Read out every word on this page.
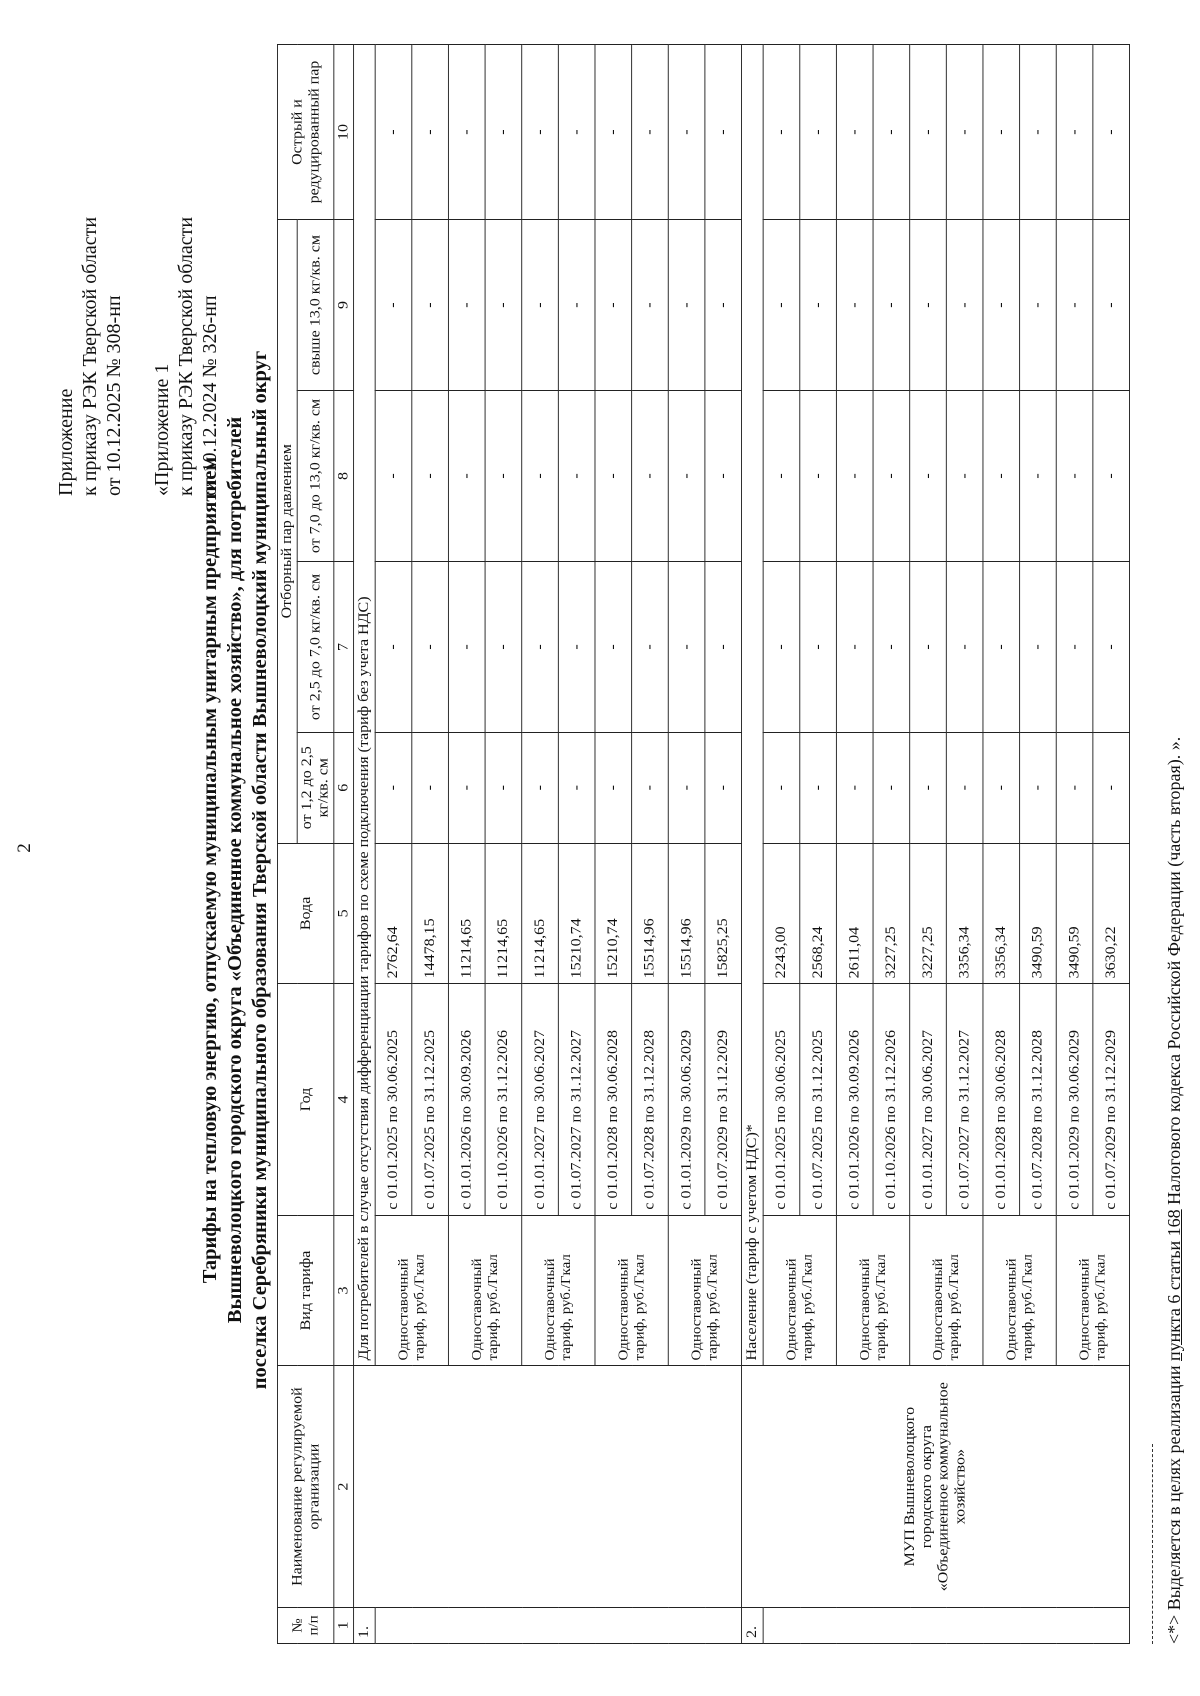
2
Приложение к приказу РЭК Тверской области от 10.12.2025 № 308-нп «Приложение 1 к приказу РЭК Тверской области от 10.12.2024 № 326-нп
Тарифы на тепловую энергию, отпускаемую муниципальным унитарным предприятием Вышневолоцкого городского округа «Объединенное коммунальное хозяйство», для потребителей поселка Серебряники муниципального образования Тверской области Вышневолоцкий муниципальный округ
№ п/п	Наименование регулируемой организации	Вид тарифа	Год	Вода	Отборный пар давлением				Острый и редуцированный пар
					от 1,2 до 2,5 кг/кв. см	от 2,5 до 7,0 кг/кв. см	от 7,0 до 13,0 кг/кв. см	свыше 13,0 кг/кв. см	
1	2	3	4	5	6	7	8	9	10
1.		Для потребителей в случае отсутствия дифференциации тарифов по схеме подключения (тариф без учета НДС)							
		Одноставочный тариф, руб./Гкал	с 01.01.2025 по 30.06.2025	2762,64	-	-	-	-	-
			с 01.07.2025 по 31.12.2025	14478,15	-	-	-	-	-
		Одноставочный тариф, руб./Гкал	с 01.01.2026 по 30.09.2026	11214,65	-	-	-	-	-
			с 01.10.2026 по 31.12.2026	11214,65	-	-	-	-	-
		Одноставочный тариф, руб./Гкал	с 01.01.2027 по 30.06.2027	11214,65	-	-	-	-	-
			с 01.07.2027 по 31.12.2027	15210,74	-	-	-	-	-
		Одноставочный тариф, руб./Гкал	с 01.01.2028 по 30.06.2028	15210,74	-	-	-	-	-
			с 01.07.2028 по 31.12.2028	15514,96	-	-	-	-	-
		Одноставочный тариф, руб./Гкал	с 01.01.2029 по 30.06.2029	15514,96	-	-	-	-	-
			с 01.07.2029 по 31.12.2029	15825,25	-	-	-	-	-
2.	МУП Вышневолоцкого городского округа «Объединенное коммунальное хозяйство»	Население (тариф с учетом НДС)*							
		Одноставочный тариф, руб./Гкал	с 01.01.2025 по 30.06.2025	2243,00	-	-	-	-	-
			с 01.07.2025 по 31.12.2025	2568,24	-	-	-	-	-
		Одноставочный тариф, руб./Гкал	с 01.01.2026 по 30.09.2026	2611,04	-	-	-	-	-
			с 01.10.2026 по 31.12.2026	3227,25	-	-	-	-	-
		Одноставочный тариф, руб./Гкал	с 01.01.2027 по 30.06.2027	3227,25	-	-	-	-	-
			с 01.07.2027 по 31.12.2027	3356,34	-	-	-	-	-
		Одноставочный тариф, руб./Гкал	с 01.01.2028 по 30.06.2028	3356,34	-	-	-	-	-
			с 01.07.2028 по 31.12.2028	3490,59	-	-	-	-	-
		Одноставочный тариф, руб./Гкал	с 01.01.2029 по 30.06.2029	3490,59	-	-	-	-	-
			с 01.07.2029 по 31.12.2029	3630,22	-	-	-	-	-
<*> Выделяется в целях реализации пункта 6 статьи 168 Налогового кодекса Российской Федерации (часть вторая). ».
